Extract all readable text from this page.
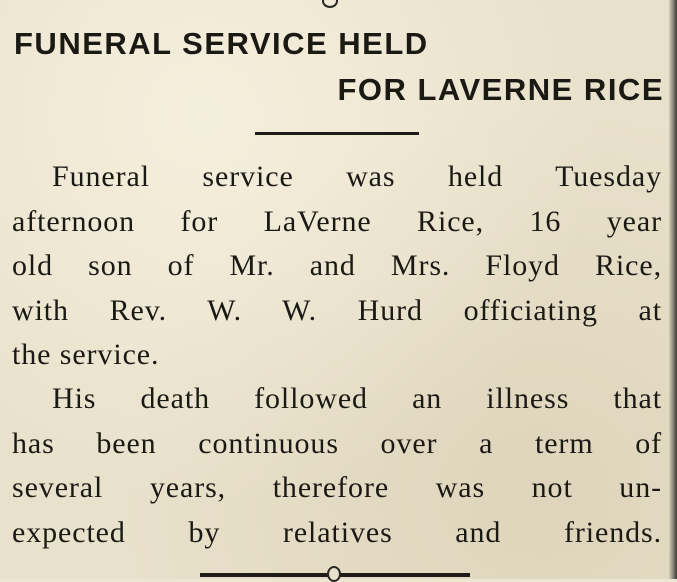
FUNERAL SERVICE HELD
FOR LAVERNE RICE
Funeral service was held Tuesday
afternoon for LaVerne Rice, 16 year
old son of Mr. and Mrs. Floyd Rice,
with Rev. W. W. Hurd officiating at
the service.
His death followed an illness that
has been continuous over a term of
several years, therefore was not un-
expected by relatives and friends.
